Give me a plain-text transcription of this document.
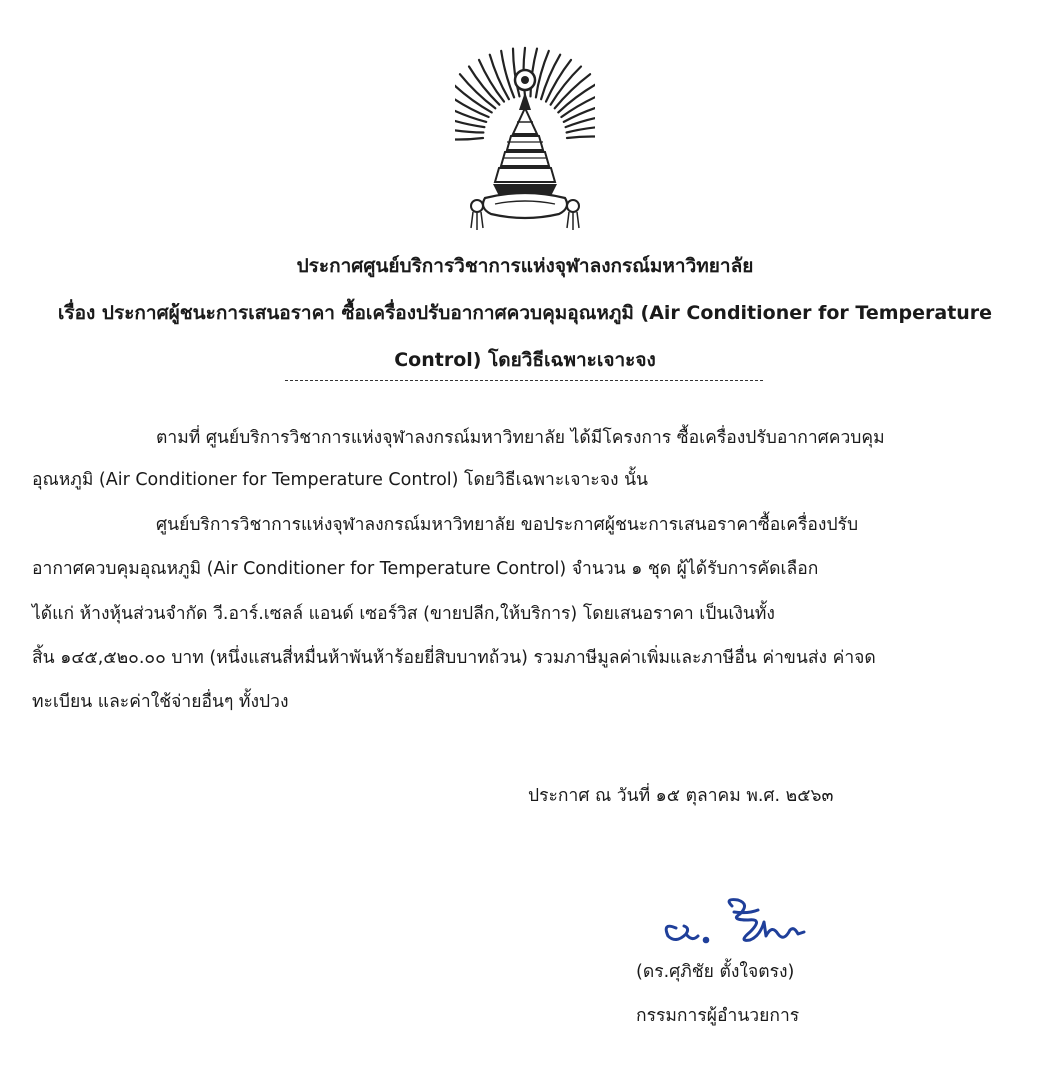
ประกาศศูนย์บริการวิชาการแห่งจุฬาลงกรณ์มหาวิทยาลัย
เรื่อง ประกาศผู้ชนะการเสนอราคา ซื้อเครื่องปรับอากาศควบคุมอุณหภูมิ (Air Conditioner for Temperature
Control) โดยวิธีเฉพาะเจาะจง
ตามที่ ศูนย์บริการวิชาการแห่งจุฬาลงกรณ์มหาวิทยาลัย ได้มีโครงการ ซื้อเครื่องปรับอากาศควบคุม
อุณหภูมิ (Air Conditioner for Temperature Control) โดยวิธีเฉพาะเจาะจง นั้น
ศูนย์บริการวิชาการแห่งจุฬาลงกรณ์มหาวิทยาลัย ขอประกาศผู้ชนะการเสนอราคาซื้อเครื่องปรับ
อากาศควบคุมอุณหภูมิ (Air Conditioner for Temperature Control) จำนวน ๑ ชุด ผู้ได้รับการคัดเลือก
ได้แก่ ห้างหุ้นส่วนจำกัด วี.อาร์.เซลล์ แอนด์ เซอร์วิส (ขายปลีก,ให้บริการ) โดยเสนอราคา เป็นเงินทั้ง
สิ้น ๑๔๕,๕๒๐.๐๐ บาท (หนึ่งแสนสี่หมื่นห้าพันห้าร้อยยี่สิบบาทถ้วน) รวมภาษีมูลค่าเพิ่มและภาษีอื่น ค่าขนส่ง ค่าจด
ทะเบียน และค่าใช้จ่ายอื่นๆ ทั้งปวง
ประกาศ ณ วันที่ ๑๕ ตุลาคม พ.ศ. ๒๕๖๓
(ดร.ศุภิชัย ตั้งใจตรง)
กรรมการผู้อำนวยการ
